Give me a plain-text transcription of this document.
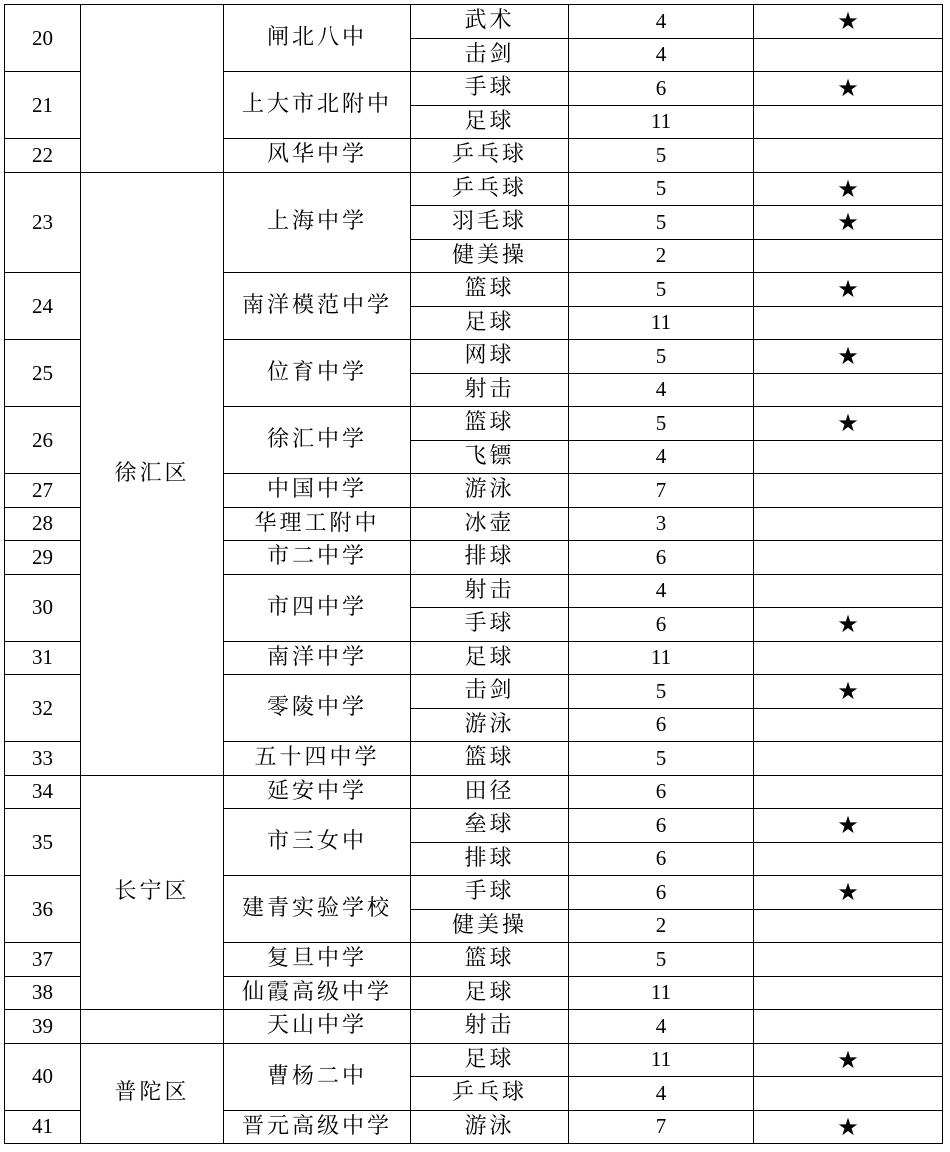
20		闸北八中	武术	4	★
			击剑	4	
21		上大市北附中	手球	6	★
			足球	11	
22		风华中学	乒乓球	5	
23	徐汇区	上海中学	乒乓球	5	★
			羽毛球	5	★
			健美操	2	
24		南洋模范中学	篮球	5	★
			足球	11	
25		位育中学	网球	5	★
			射击	4	
26		徐汇中学	篮球	5	★
			飞镖	4	
27		中国中学	游泳	7	
28		华理工附中	冰壶	3	
29		市二中学	排球	6	
30		市四中学	射击	4	
			手球	6	★
31		南洋中学	足球	11	
32		零陵中学	击剑	5	★
			游泳	6	
33		五十四中学	篮球	5	
34	长宁区	延安中学	田径	6	
35		市三女中	垒球	6	★
			排球	6	
36		建青实验学校	手球	6	★
			健美操	2	
37		复旦中学	篮球	5	
38		仙霞高级中学	足球	11	
39		天山中学	射击	4	
40	普陀区	曹杨二中	足球	11	★
			乒乓球	4	
41		晋元高级中学	游泳	7	★
